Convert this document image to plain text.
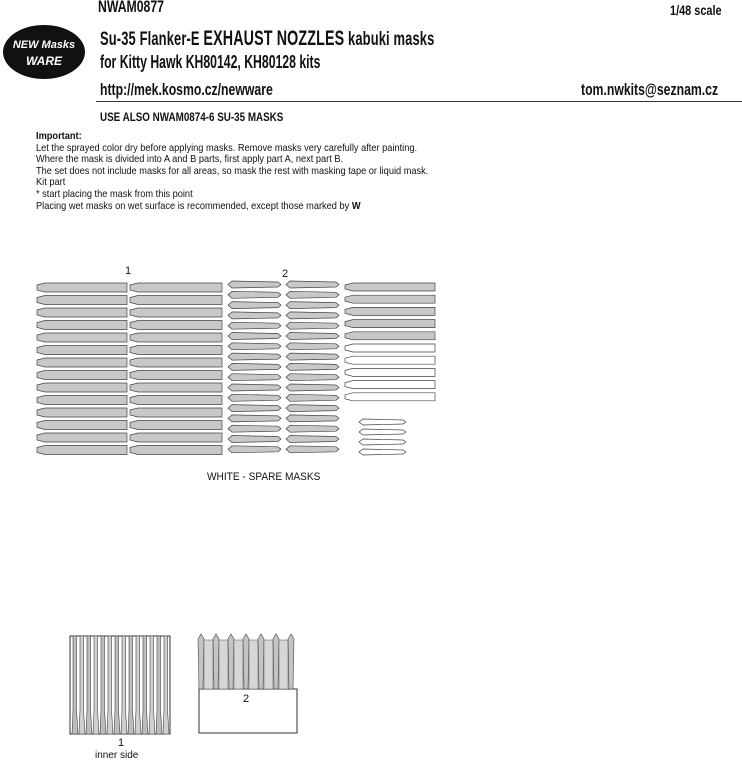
NWAM0877	1/48 scale
NEW Masks
WARE
Su-35 Flanker-E EXHAUST NOZZLES kabuki masks
for Kitty Hawk KH80142, KH80128 kits
http://mek.kosmo.cz/newware	tom.nwkits@seznam.cz
USE ALSO NWAM0874-6 SU-35 MASKS
Important:
Let the sprayed color dry before applying masks. Remove masks very carefully after painting.
Where the mask is divided into A and B parts, first apply part A, next part B.
The set does not include masks for all areas, so mask the rest with masking tape or liquid mask.
Kit part
* start placing the mask from this point
Placing wet masks on wet surface is recommended, except those marked by W
1	2
WHITE - SPARE MASKS
1
inner side
2
